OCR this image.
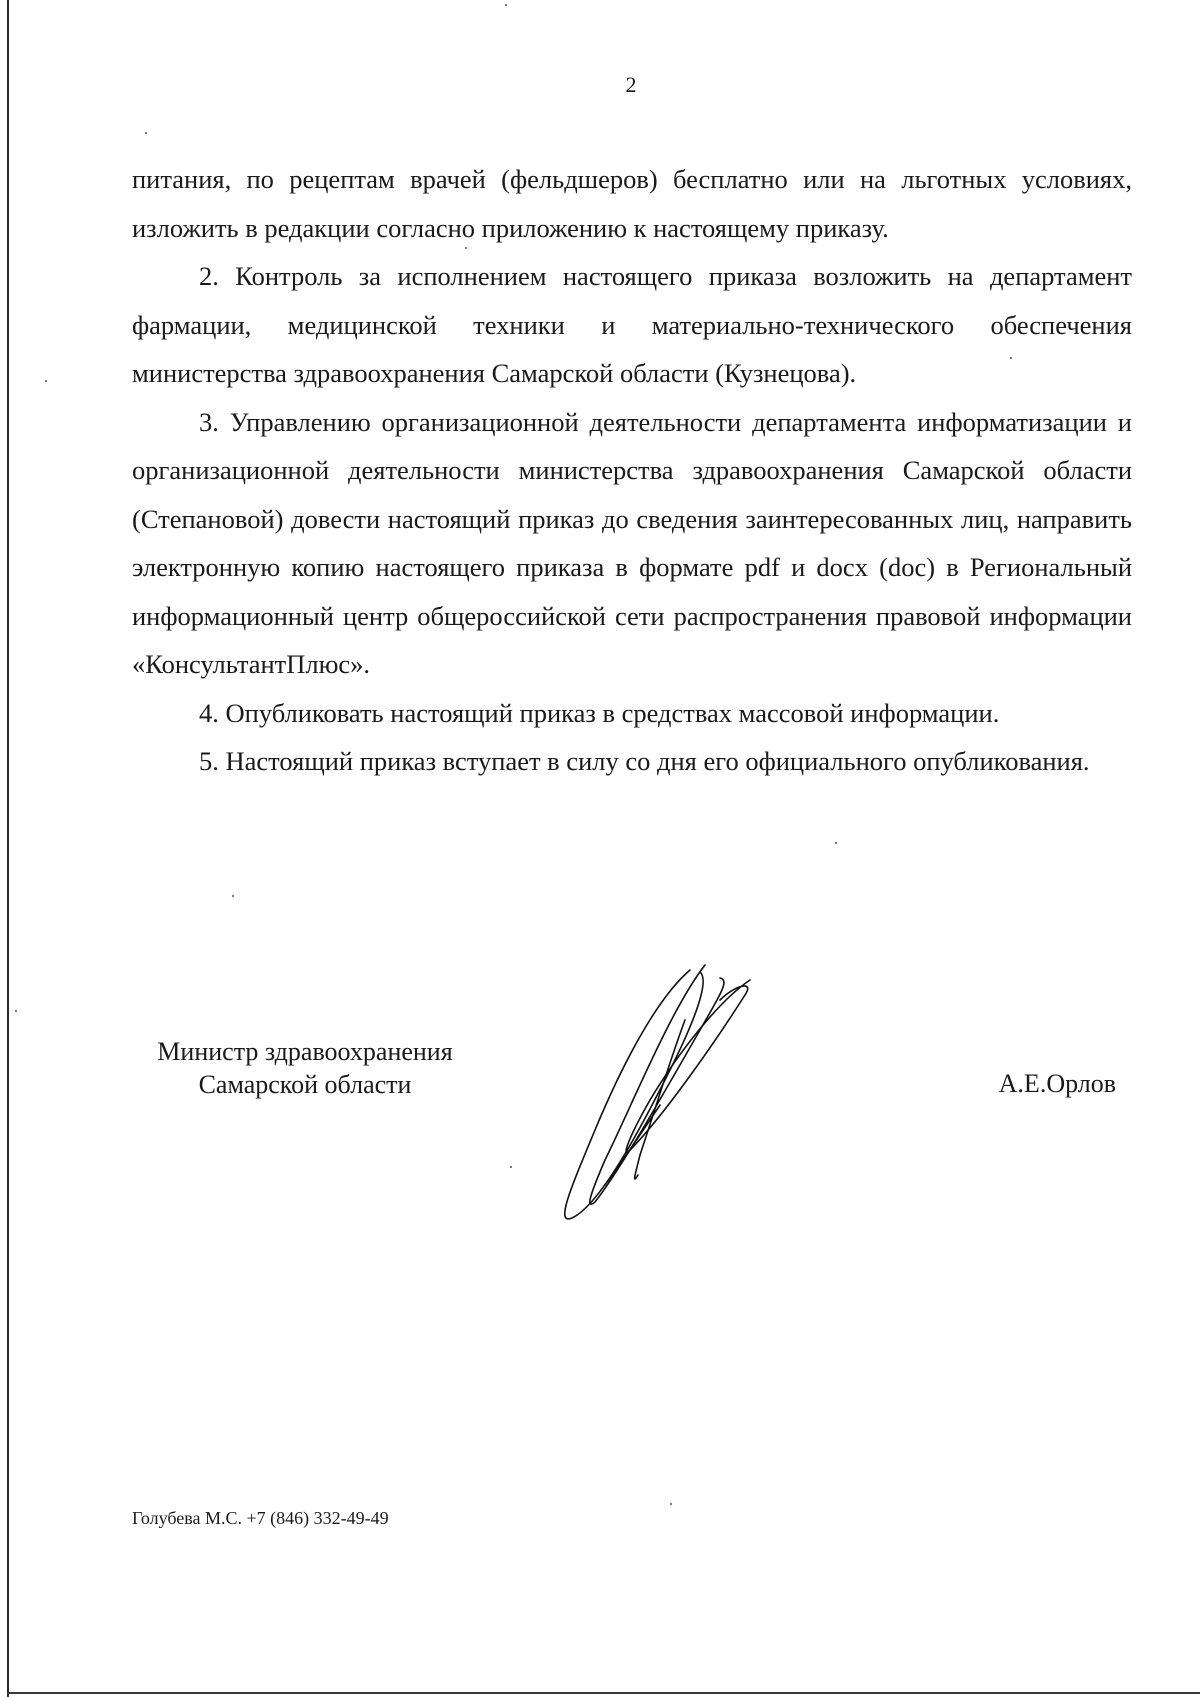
2

питания, по рецептам врачей (фельдшеров) бесплатно или на льготных условиях, изложить в редакции согласно приложению к настоящему приказу.

2. Контроль за исполнением настоящего приказа возложить на департамент фармации, медицинской техники и материально-технического обеспечения министерства здравоохранения Самарской области (Кузнецова).

3. Управлению организационной деятельности департамента информатизации и организационной деятельности министерства здравоохранения Самарской области (Степановой) довести настоящий приказ до сведения заинтересованных лиц, направить электронную копию настоящего приказа в формате pdf и docx (doc) в Региональный информационный центр общероссийской сети распространения правовой информации «КонсультантПлюс».

4. Опубликовать настоящий приказ в средствах массовой информации.

5. Настоящий приказ вступает в силу со дня его официального опубликования.

Министр здравоохранения
Самарской области	А.Е.Орлов
Голубева М.С. +7 (846) 332-49-49
